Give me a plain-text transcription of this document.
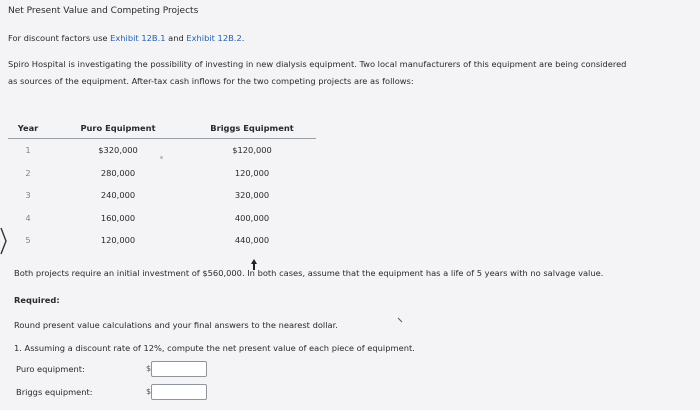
Net Present Value and Competing Projects
For discount factors use Exhibit 12B.1 and Exhibit 12B.2.
Spiro Hospital is investigating the possibility of investing in new dialysis equipment. Two local manufacturers of this equipment are being considered
as sources of the equipment. After-tax cash inflows for the two competing projects are as follows:
Year	Puro Equipment	Briggs Equipment
1	$320,000	$120,000
2	280,000	120,000
3	240,000	320,000
4	160,000	400,000
5	120,000	440,000
Both projects require an initial investment of $560,000. In both cases, assume that the equipment has a life of 5 years with no salvage value.
Required:
Round present value calculations and your final answers to the nearest dollar.
1. Assuming a discount rate of 12%, compute the net present value of each piece of equipment.
Puro equipment:	$
Briggs equipment:	$
